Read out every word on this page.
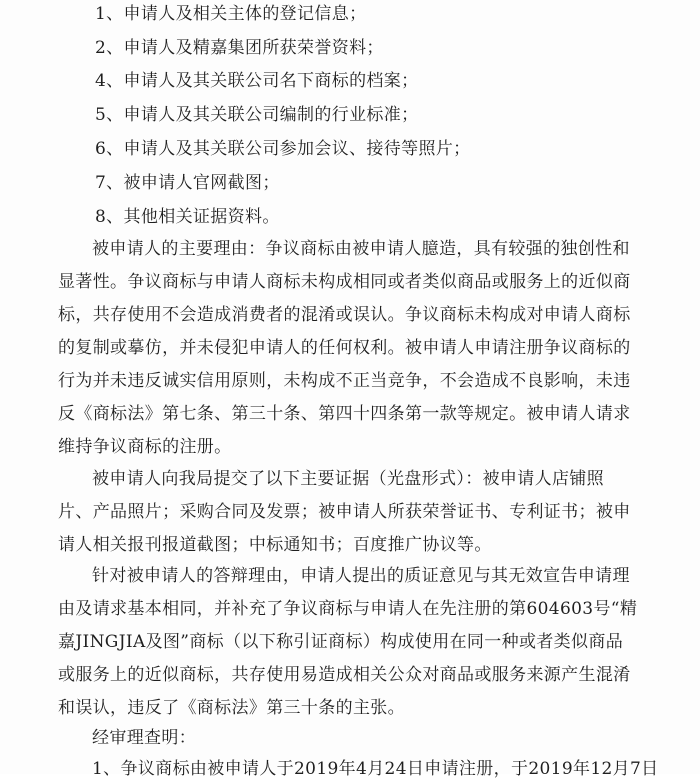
1、申请人及相关主体的登记信息；
2、申请人及精嘉集团所获荣誉资料；
4、申请人及其关联公司名下商标的档案；
5、申请人及其关联公司编制的行业标准；
6、申请人及其关联公司参加会议、接待等照片；
7、被申请人官网截图；
8、其他相关证据资料。
被申请人的主要理由：争议商标由被申请人臆造，具有较强的独创性和
显著性。争议商标与申请人商标未构成相同或者类似商品或服务上的近似商
标，共存使用不会造成消费者的混淆或误认。争议商标未构成对申请人商标
的复制或摹仿，并未侵犯申请人的任何权利。被申请人申请注册争议商标的
行为并未违反诚实信用原则，未构成不正当竞争，不会造成不良影响，未违
反《商标法》第七条、第三十条、第四十四条第一款等规定。被申请人请求
维持争议商标的注册。
被申请人向我局提交了以下主要证据（光盘形式）：被申请人店铺照
片、产品照片；采购合同及发票；被申请人所获荣誉证书、专利证书；被申
请人相关报刊报道截图；中标通知书；百度推广协议等。
针对被申请人的答辩理由，申请人提出的质证意见与其无效宣告申请理
由及请求基本相同，并补充了争议商标与申请人在先注册的第604603号“精
嘉JINGJIA及图”商标（以下称引证商标）构成使用在同一种或者类似商品
或服务上的近似商标，共存使用易造成相关公众对商品或服务来源产生混淆
和误认，违反了《商标法》第三十条的主张。
经审理查明：
1、争议商标由被申请人于2019年4月24日申请注册，于2019年12月7日
